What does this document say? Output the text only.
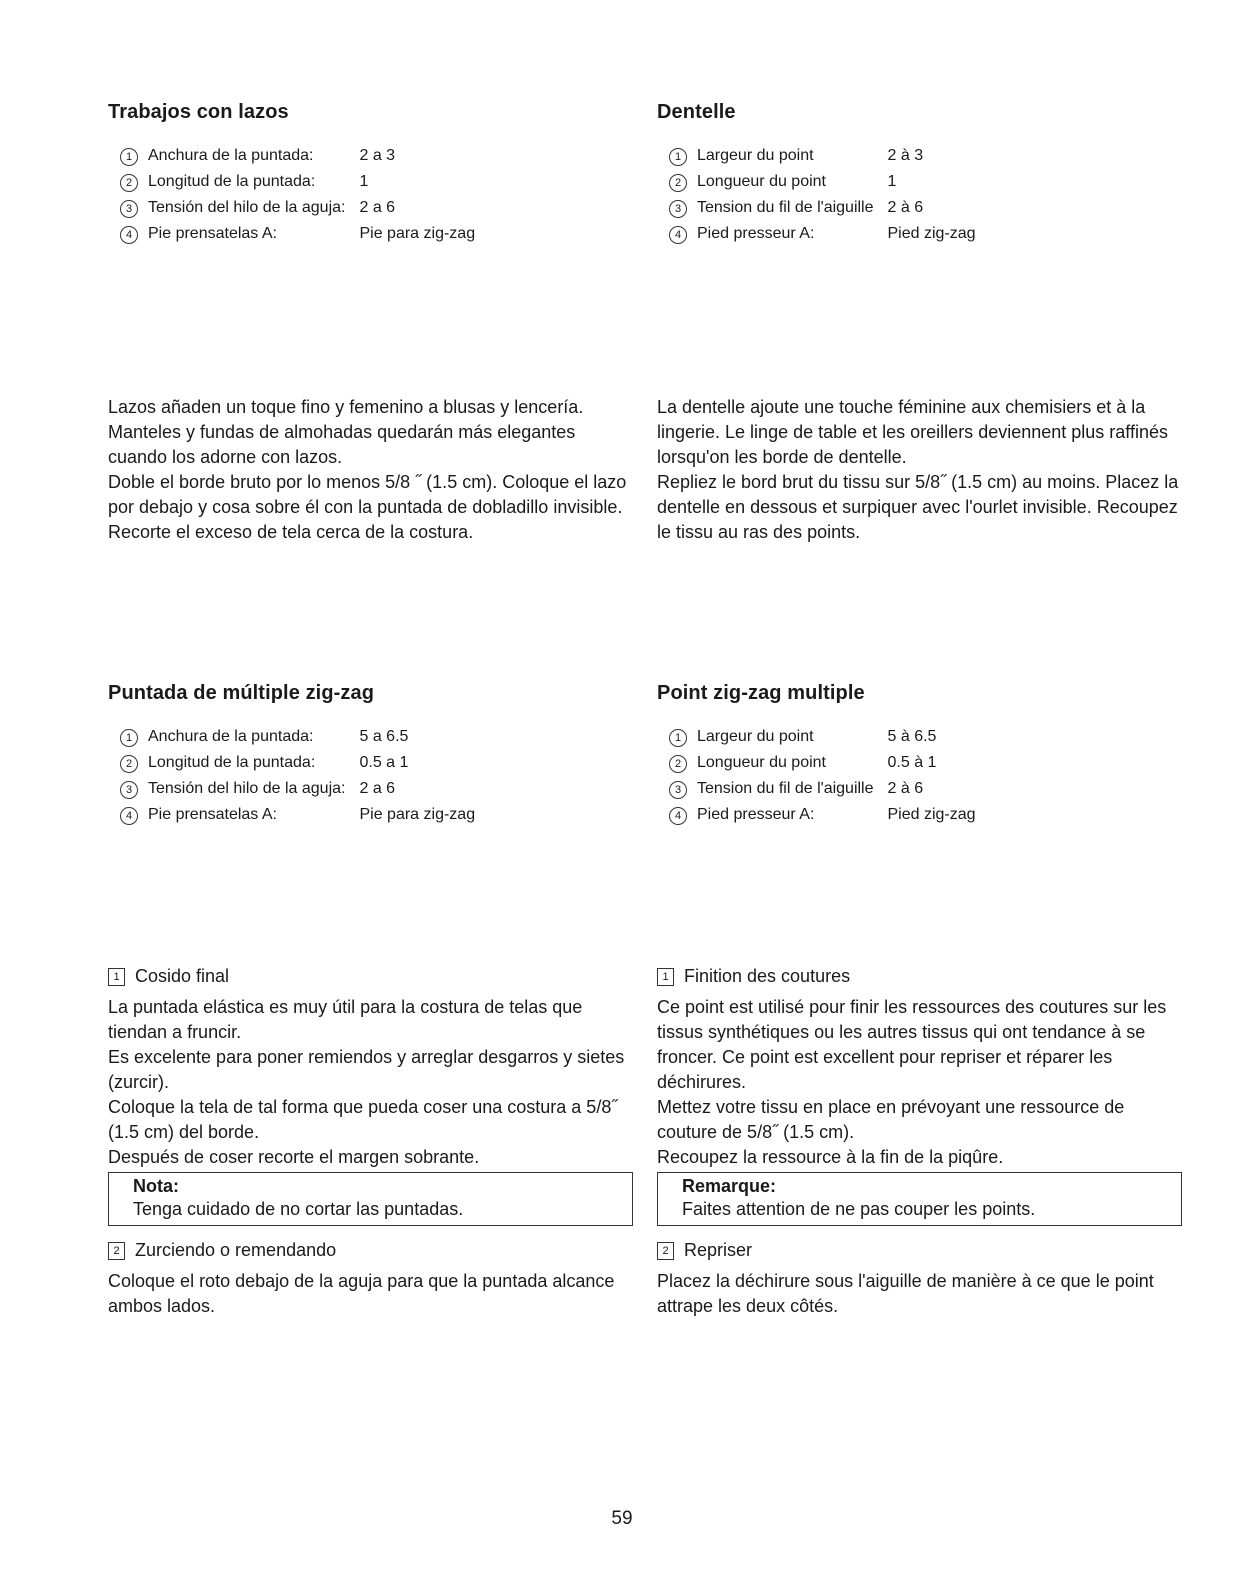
Trabajos con lazos
1	Anchura de la puntada:	2 a 3
2	Longitud de la puntada:	1
3	Tensión del hilo de la aguja:	2 a 6
4	Pie prensatelas A:	Pie para zig-zag

Lazos añaden un toque fino y femenino a blusas y lencería. Manteles y fundas de almohadas quedarán más elegantes cuando los adorne con lazos.

Doble el borde bruto por lo menos 5/8 ˝ (1.5 cm). Coloque el lazo por debajo y cosa sobre él con la puntada de dobladillo invisible. Recorte el exceso de tela cerca de la costura.

Puntada de múltiple zig-zag
1	Anchura de la puntada:	5 a 6.5
2	Longitud de la puntada:	0.5 a 1
3	Tensión del hilo de la aguja:	2 a 6
4	Pie prensatelas A:	Pie para zig-zag
1 Cosido final

La puntada elástica es muy útil para la costura de telas que tiendan a fruncir.

Es excelente para poner remiendos y arreglar desgarros y sietes (zurcir).

Coloque la tela de tal forma que pueda coser una costura a 5/8˝ (1.5 cm) del borde.

Después de coser recorte el margen sobrante.

Nota:
Tenga cuidado de no cortar las puntadas.
2 Zurciendo o remendando

Coloque el roto debajo de la aguja para que la puntada alcance ambos lados.

Dentelle
1	Largeur du point	2 à 3
2	Longueur du point	1
3	Tension du fil de l'aiguille	2 à 6
4	Pied presseur A:	Pied zig-zag

La dentelle ajoute une touche féminine aux chemisiers et à la lingerie. Le linge de table et les oreillers deviennent plus raffinés lorsqu'on les borde de dentelle.

Repliez le bord brut du tissu sur 5/8˝ (1.5 cm) au moins. Placez la dentelle en dessous et surpiquer avec l'ourlet invisible. Recoupez le tissu au ras des points.

Point zig-zag multiple
1	Largeur du point	5 à 6.5
2	Longueur du point	0.5 à 1
3	Tension du fil de l'aiguille	2 à 6
4	Pied presseur A:	Pied zig-zag
1 Finition des coutures

Ce point est utilisé pour finir les ressources des coutures sur les tissus synthétiques ou les autres tissus qui ont tendance à se froncer. Ce point est excellent pour repriser et réparer les déchirures.

Mettez votre tissu en place en prévoyant une ressource de couture de 5/8˝ (1.5 cm).

Recoupez la ressource à la fin de la piqûre.

Remarque:
Faites attention de ne pas couper les points.
2 Repriser

Placez la déchirure sous l'aiguille de manière à ce que le point attrape les deux côtés.

59
